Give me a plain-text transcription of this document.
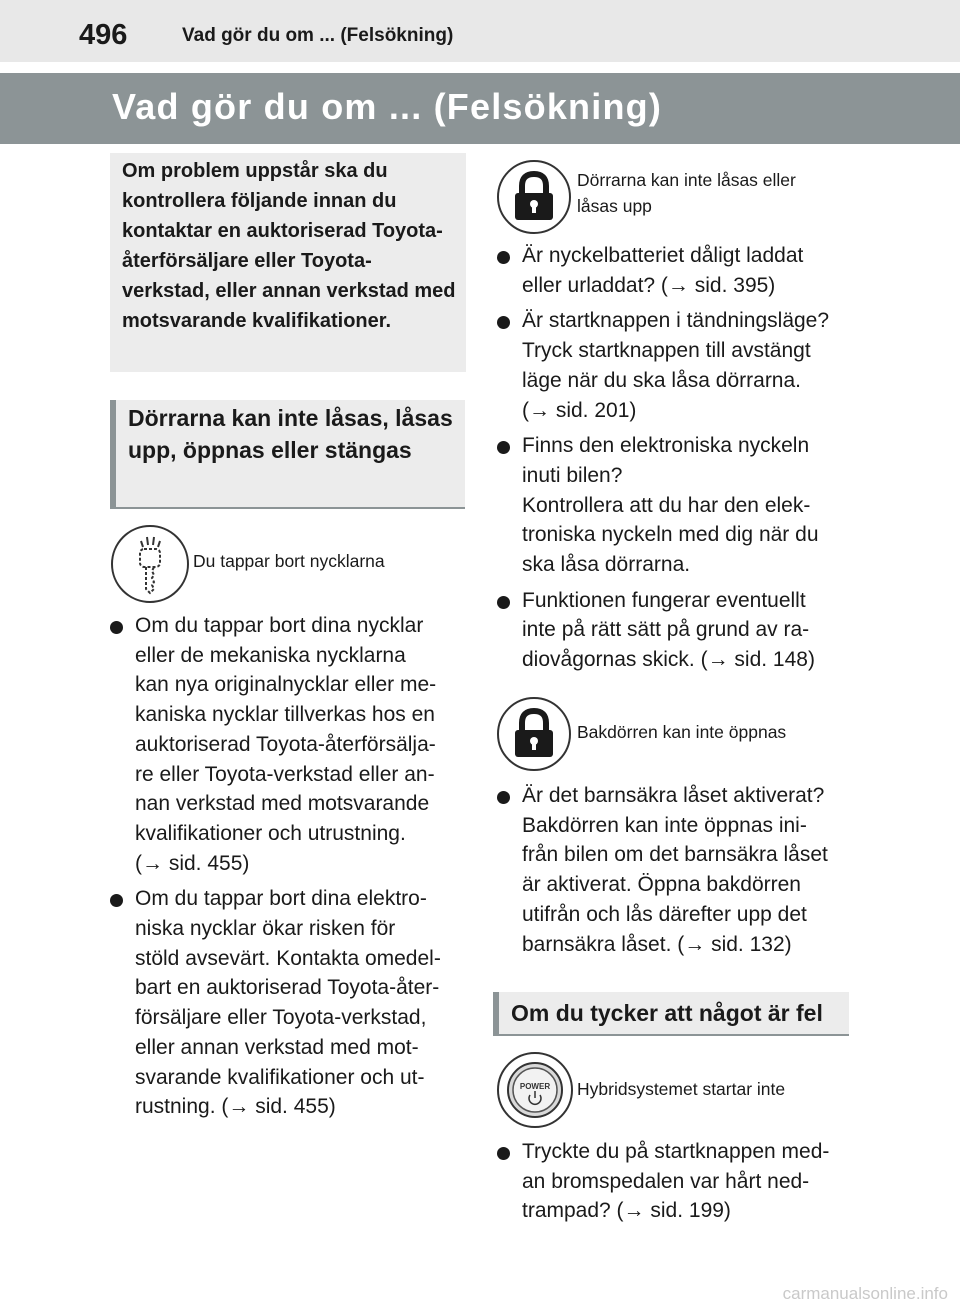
496	Vad gör du om ... (Felsökning)
Vad gör du om ... (Felsökning)

Om problem uppstår ska du kontrollera följande innan du kontaktar en auktoriserad Toyota-återförsäljare eller Toyota-verkstad, eller annan verkstad med motsvarande kvalifikationer.

Dörrarna kan inte låsas, låsas upp, öppnas eller stängas
Du tappar bort nycklarna
Om du tappar bort dina nycklar
eller de mekaniska nycklarna
kan nya originalnycklar eller me-
kaniska nycklar tillverkas hos en
auktoriserad Toyota-återförsälja-
re eller Toyota-verkstad eller an-
nan verkstad med motsvarande
kvalifikationer och utrustning.
(→ sid. 455)
Om du tappar bort dina elektro-
niska nycklar ökar risken för
stöld avsevärt. Kontakta omedel-
bart en auktoriserad Toyota-åter-
försäljare eller Toyota-verkstad,
eller annan verkstad med mot-
svarande kvalifikationer och ut-
rustning. (→ sid. 455)
Dörrarna kan inte låsas eller
låsas upp
Är nyckelbatteriet dåligt laddat
eller urladdat? (→ sid. 395)
Är startknappen i tändningsläge?
Tryck startknappen till avstängt
läge när du ska låsa dörrarna.
(→ sid. 201)
Finns den elektroniska nyckeln
inuti bilen?
Kontrollera att du har den elek-
troniska nyckeln med dig när du
ska låsa dörrarna.
Funktionen fungerar eventuellt
inte på rätt sätt på grund av ra-
diovågornas skick. (→ sid. 148)
Bakdörren kan inte öppnas
Är det barnsäkra låset aktiverat?
Bakdörren kan inte öppnas ini-
från bilen om det barnsäkra låset
är aktiverat. Öppna bakdörren
utifrån och lås därefter upp det
barnsäkra låset. (→ sid. 132)
Om du tycker att något är fel
POWER	Hybridsystemet startar inte
Tryckte du på startknappen med-
an bromspedalen var hårt ned-
trampad? (→ sid. 199)
carmanualsonline.info
